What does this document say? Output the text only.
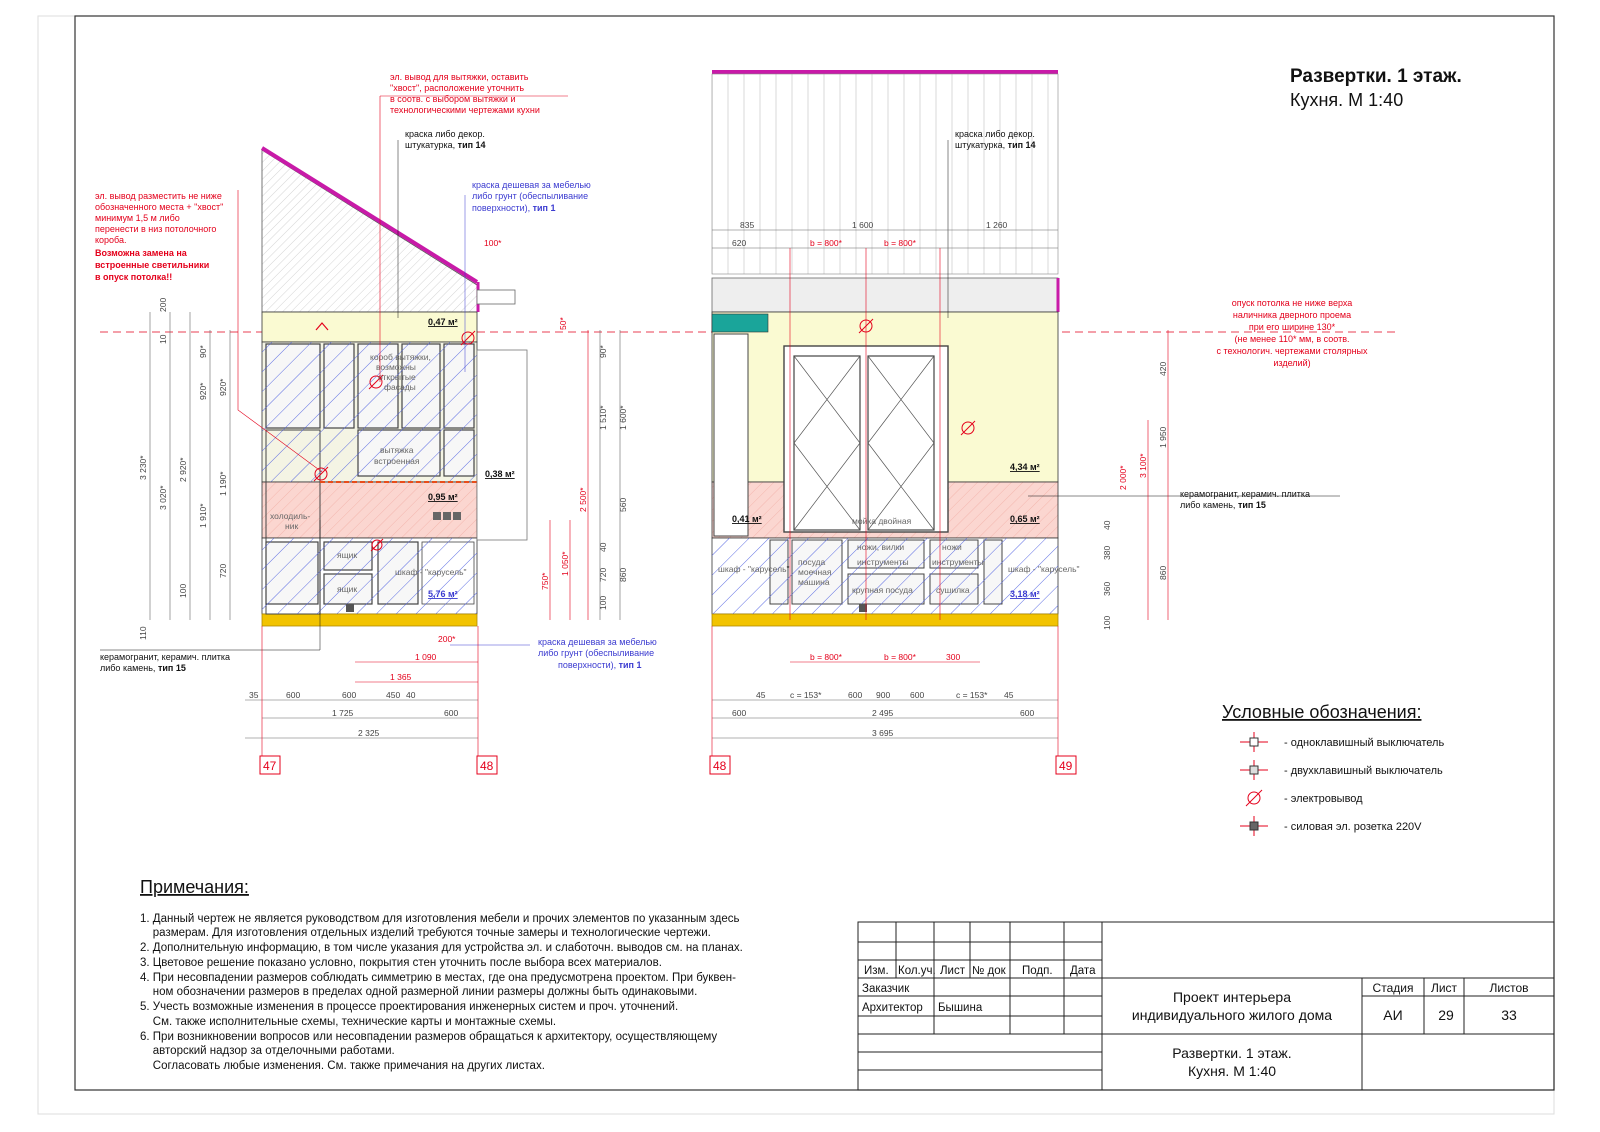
Развертки. 1 этаж.
Кухня. М 1:40
0,47 м²
0,38 м²
0,95 м²
5,76 м²
короб вытяжки,
возможны
открытые
фасады
вытяжка
встроенная
холодиль-
ник
ящик
ящик
шкаф - "карусель"
эл. вывод для вытяжки, оставить
"хвост", расположение уточнить
в соотв. с выбором вытяжки и
технологическими чертежами кухни
краска либо декор.
штукатурка, тип 14
эл. вывод разместить не ниже
обозначенного места + "хвост"
минимум 1,5 м либо
перенести в низ потолочного
короба.
Возможна замена на
встроенные светильники
в опуск потолка!!
краска дешевая за мебелью
либо грунт (обеспыливание
поверхности), тип 1
краска дешевая за мебелью
либо грунт (обеспыливание
поверхности), тип 1
керамогранит, керамич. плитка
либо камень, тип 15
200
10
90*
920* 920*
3 230*
3 020*
2 920*
1 190*
1 910*
720
100
110
90*
1 510* 1 600*
560
2 500*
40
720
100
860
1 050*
750*
100*
50*
35	600	600	450 40
600
1 725
2 325
1 365
1 090
200*
47	48
4,34 м²
0,41 м²	0,65 м²
3,18 м²
мойка двойная
шкаф - "карусель"
посуда
моечная
машина
ножи, вилки
инструменты
крупная посуда
ножи
инструменты
сушилка
шкаф - "карусель"
краска либо декор.
штукатурка, тип 14
опуск потолка не ниже верха
наличника дверного проема
при его ширине 130*
(не менее 110* мм, в соотв.
с технологич. чертежами столярных
изделий)
керамогранит, керамич. плитка
либо камень, тип 15
835	1 600	1 260
620	b = 800*	b = 800*
420
1 950
3 100*
2 000*
40
380
360
860
100
b = 800*	b = 800*	300
45	c = 153*	600 900 600	c = 153* 45
600	2 495	600
3 695
48	49
Условные обозначения:
- одноклавишный выключатель
- двухклавишный выключатель
- электровывод
- силовая эл. розетка 220V
Примечания:
1. Данный чертеж не является руководством для изготовления мебели и прочих элементов по указанным здесь
размерам. Для изготовления отдельных изделий требуются точные замеры и технологические чертежи.
2. Дополнительную информацию, в том числе указания для устройства эл. и слаботочн. выводов см. на планах.
3. Цветовое решение показано условно, покрытия стен уточнить после выбора всех материалов.
4. При несовпадении размеров соблюдать симметрию в местах, где она предусмотрена проектом. При буквен-
ном обозначении размеров в пределах одной размерной линии размеры должны быть одинаковыми.
5. Учесть возможные изменения в процессе проектирования инженерных систем и проч. уточнений.
См. также исполнительные схемы, технические карты и монтажные схемы.
6. При возникновении вопросов или несовпадении размеров обращаться к архитектору, осуществляющему
авторский надзор за отделочными работами.
Согласовать любые изменения. См. также примечания на других листах.
Изм. Кол.уч. Лист № док Подп. Дата
Заказчик
Архитектор Бышина
Проект интерьера
индивидуального жилого дома
Стадия Лист	Листов
АИ	29	33
Развертки. 1 этаж.
Кухня. М 1:40
